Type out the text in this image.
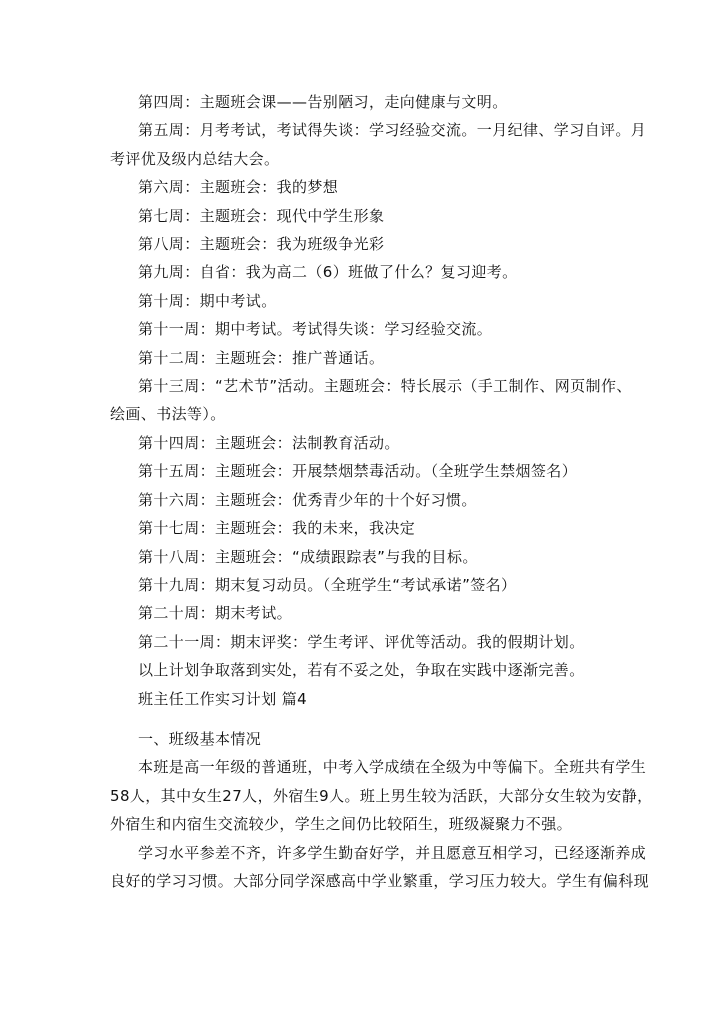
第四周：主题班会课——告别陋习，走向健康与文明。
第五周：月考考试，考试得失谈：学习经验交流。一月纪律、学习自评。月
考评优及级内总结大会。
第六周：主题班会：我的梦想
第七周：主题班会：现代中学生形象
第八周：主题班会：我为班级争光彩
第九周：自省：我为高二（6）班做了什么？复习迎考。
第十周：期中考试。
第十一周：期中考试。考试得失谈：学习经验交流。
第十二周：主题班会：推广普通话。
第十三周：“艺术节”活动。主题班会：特长展示（手工制作、网页制作、
绘画、书法等）。
第十四周：主题班会：法制教育活动。
第十五周：主题班会：开展禁烟禁毒活动。（全班学生禁烟签名）
第十六周：主题班会：优秀青少年的十个好习惯。
第十七周：主题班会：我的未来，我决定
第十八周：主题班会：“成绩跟踪表”与我的目标。
第十九周：期末复习动员。（全班学生“考试承诺”签名）
第二十周：期末考试。
第二十一周：期末评奖：学生考评、评优等活动。我的假期计划。
以上计划争取落到实处，若有不妥之处，争取在实践中逐渐完善。
班主任工作实习计划 篇4
一、班级基本情况
本班是高一年级的普通班，中考入学成绩在全级为中等偏下。全班共有学生
58人，其中女生27人，外宿生9人。班上男生较为活跃，大部分女生较为安静，
外宿生和内宿生交流较少，学生之间仍比较陌生，班级凝聚力不强。
学习水平参差不齐，许多学生勤奋好学，并且愿意互相学习，已经逐渐养成
良好的学习习惯。大部分同学深感高中学业繁重，学习压力较大。学生有偏科现
